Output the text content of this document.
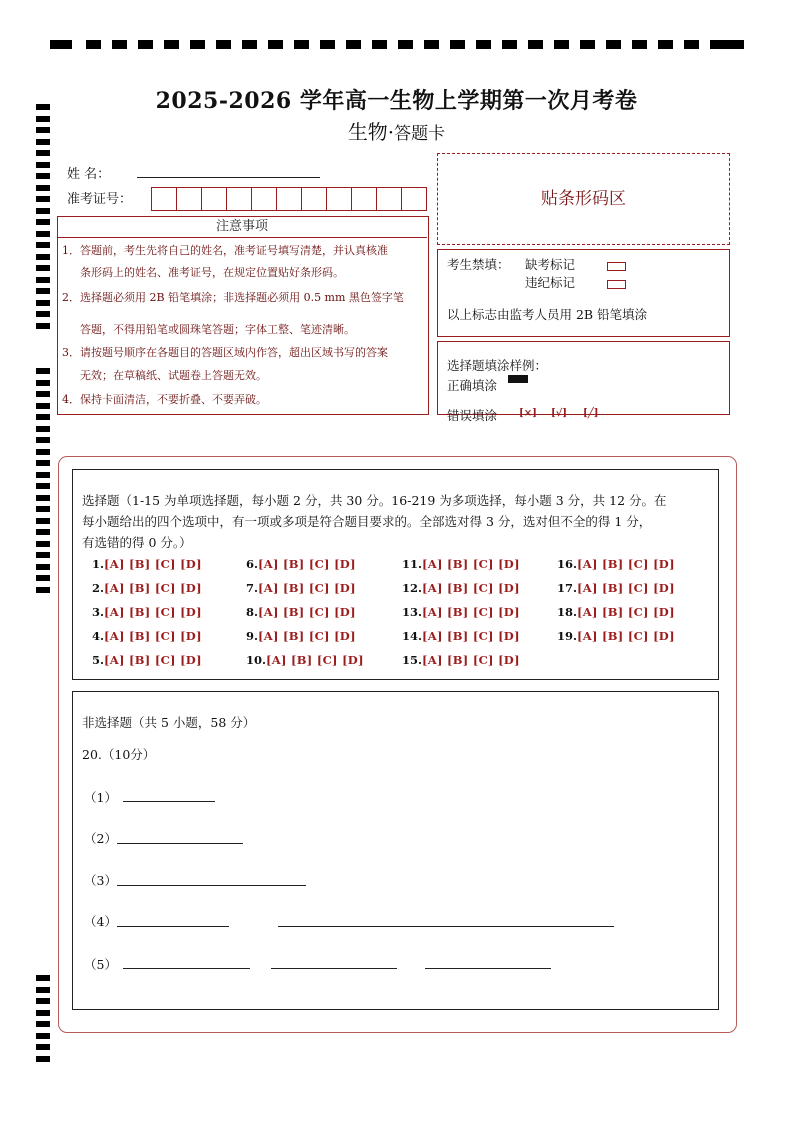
2025-2026 学年高一生物上学期第一次月考卷
生物·答题卡
姓 名：
准考证号：	贴条形码区
注意事项
1．答题前，考生先将自己的姓名，准考证号填写清楚，并认真核准
条形码上的姓名、准考证号，在规定位置贴好条形码。
2．选择题必须用 2B 铅笔填涂；非选择题必须用 0.5 mm 黑色签字笔
答题，不得用铅笔或圆珠笔答题；字体工整、笔迹清晰。
3．请按题号顺序在各题目的答题区域内作答，超出区域书写的答案
无效；在草稿纸、试题卷上答题无效。
4．保持卡面清洁，不要折叠、不要弄破。
考生禁填： 缺考标记
违纪标记
以上标志由监考人员用 2B 铅笔填涂
选择题填涂样例：
正确填涂
错误填涂 [×] [√] [╱]
选择题（1-15 为单项选择题，每小题 2 分，共 30 分。16-219 为多项选择，每小题 3 分，共 12 分。在
每小题给出的四个选项中，有一项或多项是符合题目要求的。全部选对得 3 分，选对但不全的得 1 分，
有选错的得 0 分。）
1.[A] [B] [C] [D]
2.[A] [B] [C] [D]
3.[A] [B] [C] [D]
4.[A] [B] [C] [D]
5.[A] [B] [C] [D]
6.[A] [B] [C] [D]
7.[A] [B] [C] [D]
8.[A] [B] [C] [D]
9.[A] [B] [C] [D]
10.[A] [B] [C] [D]
11.[A] [B] [C] [D]
12.[A] [B] [C] [D]
13.[A] [B] [C] [D]
14.[A] [B] [C] [D]
15.[A] [B] [C] [D]
16.[A] [B] [C] [D]
17.[A] [B] [C] [D]
18.[A] [B] [C] [D]
19.[A] [B] [C] [D]
非选择题（共 5 小题，58 分）
20.（10分）
（1）
（2）
（3）
（4）
（5）
